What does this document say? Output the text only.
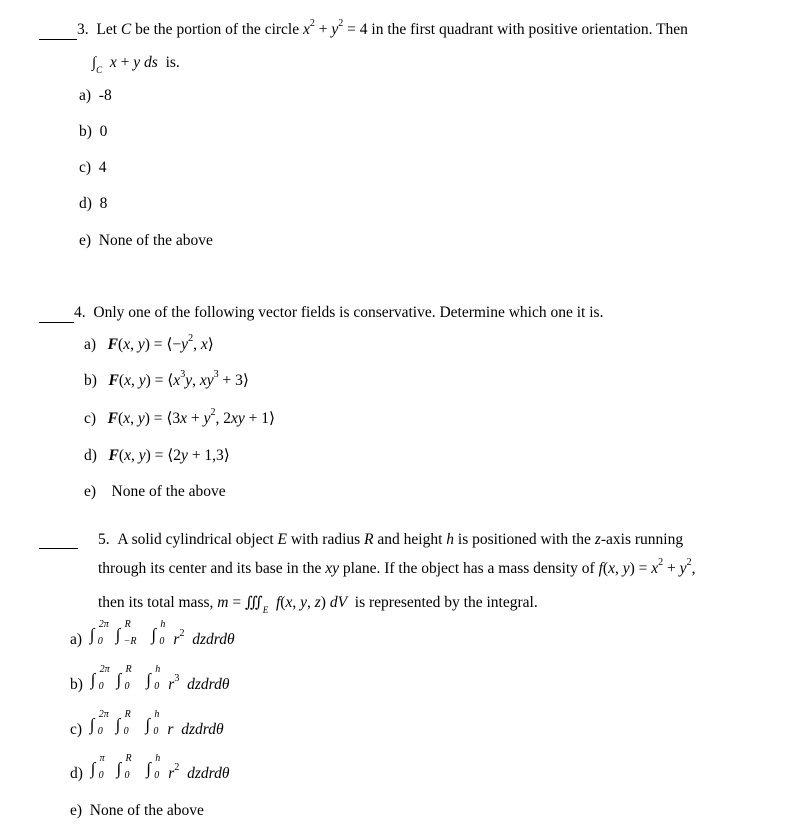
3.  Let C be the portion of the circle $x^2 + y^2 = 4$ in the first quadrant with positive orientation. Then
$\int_C$ x + y ds  is.
a) -8
b) 0
c) 4
d) 8
e) None of the above
4. Only one of the following vector fields is conservative. Determine which one it is.
a) F(x, $y) = ⟨-y^2$, x⟩
b) F(x, $y) = ⟨x^3y$, $xy^3$ + 3⟩
c) F(x, y) = ⟨3x + $y^2$, 2xy + 1⟩
d) F(x, y) = ⟨2y + 1,3⟩
e) None of the above
5.  A solid cylindrical object E with radius R and height h is positioned with the z-axis running
through its center and its base in the xy plane. If the object has a mass density of f(x, $y) = x^2 + y^2$,
then its total mass, $m = ∭_E$ f(x, y, z) dV  is represented by the integral.
a) ∫
2π
0
∫
R
−R
∫
h
0 $r^2$ dzdrdθ
b) ∫
2π
0
∫
R
0
∫
h
0 $r^3$ dzdrdθ
c) ∫
2π
0
∫
R
0
∫
h
0 r dzdrdθ
d) ∫
π
0
∫
R
0
∫
h
0 $r^2$ dzdrdθ
e) None of the above
